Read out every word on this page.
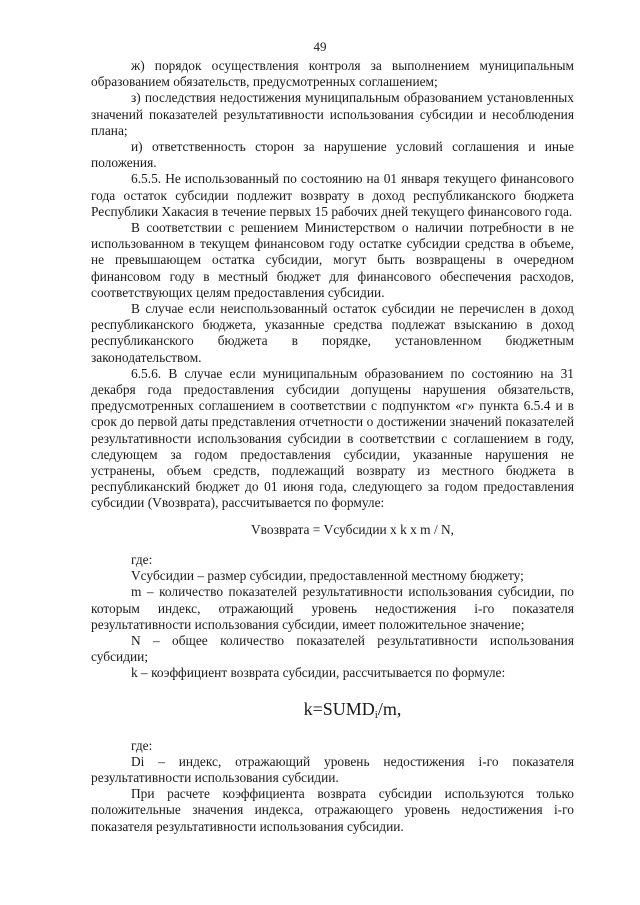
49

ж) порядок осуществления контроля за выполнением муниципальным образованием обязательств, предусмотренных соглашением;

з) последствия недостижения муниципальным образованием установленных значений показателей результативности использования субсидии и несоблюдения плана;

и) ответственность сторон за нарушение условий соглашения и иные положения.

6.5.5. Не использованный по состоянию на 01 января текущего финансового года остаток субсидии подлежит возврату в доход республиканского бюджета Республики Хакасия в течение первых 15 рабочих дней текущего финансового года.

В соответствии с решением Министерством о наличии потребности в не использованном в текущем финансовом году остатке субсидии средства в объеме, не превышающем остатка субсидии, могут быть возвращены в очередном финансовом году в местный бюджет для финансового обеспечения расходов, соответствующих целям предоставления субсидии.

В случае если неиспользованный остаток субсидии не перечислен в доход республиканского бюджета, указанные средства подлежат взысканию в доход республиканского бюджета в порядке, установленном бюджетным законодательством.

6.5.6. В случае если муниципальным образованием по состоянию на 31 декабря года предоставления субсидии допущены нарушения обязательств, предусмотренных соглашением в соответствии с подпунктом «г» пункта 6.5.4 и в срок до первой даты представления отчетности о достижении значений показателей результативности использования субсидии в соответствии с соглашением в году, следующем за годом предоставления субсидии, указанные нарушения не устранены, объем средств, подлежащий возврату из местного бюджета в республиканский бюджет до 01 июня года, следующего за годом предоставления субсидии (Vвозврата), рассчитывается по формуле:

Vвозврата = Vсубсидии x k x m / N,

где:

Vсубсидии – размер субсидии, предоставленной местному бюджету;

m – количество показателей результативности использования субсидии, по которым индекс, отражающий уровень недостижения i-го показателя результативности использования субсидии, имеет положительное значение;

N – общее количество показателей результативности использования субсидии;

k – коэффициент возврата субсидии, рассчитывается по формуле:

$k=SUMD_i/m$,

где:

Di – индекс, отражающий уровень недостижения i-го показателя результативности использования субсидии.

При расчете коэффициента возврата субсидии используются только положительные значения индекса, отражающего уровень недостижения i-го показателя результативности использования субсидии.
